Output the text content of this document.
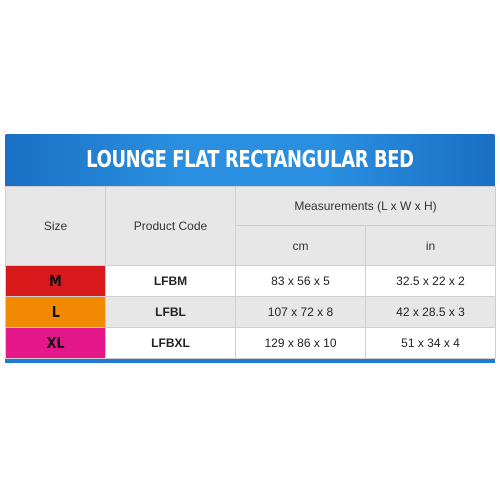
LOUNGE FLAT RECTANGULAR BED
Size	Product Code	Measurements (L x W x H)	
		cm	in
M	LFBM	83 x 56 x 5	32.5 x 22 x 2
L	LFBL	107 x 72 x 8	42 x 28.5 x 3
XL	LFBXL	129 x 86 x 10	51 x 34 x 4
